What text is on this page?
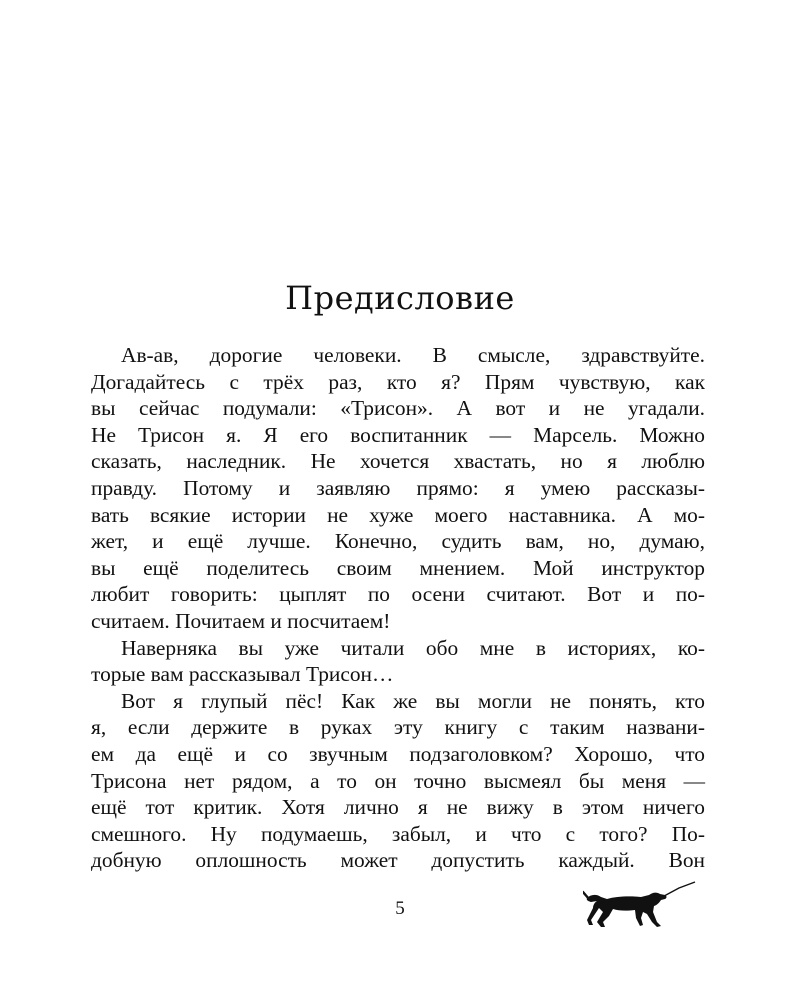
Предисловие
Ав-ав, дорогие человеки. В смысле, здравствуйте.
Догадайтесь с трёх раз, кто я? Прям чувствую, как
вы сейчас подумали: «Трисон». А вот и не угадали.
Не Трисон я. Я его воспитанник — Марсель. Можно
сказать, наследник. Не хочется хвастать, но я люблю
правду. Потому и заявляю прямо: я умею рассказы-
вать всякие истории не хуже моего наставника. А мо-
жет, и ещё лучше. Конечно, судить вам, но, думаю,
вы ещё поделитесь своим мнением. Мой инструктор
любит говорить: цыплят по осени считают. Вот и по-
считаем. Почитаем и посчитаем!
Наверняка вы уже читали обо мне в историях, ко-
торые вам рассказывал Трисон…
Вот я глупый пёс! Как же вы могли не понять, кто
я, если держите в руках эту книгу с таким названи-
ем да ещё и со звучным подзаголовком? Хорошо, что
Трисона нет рядом, а то он точно высмеял бы меня —
ещё тот критик. Хотя лично я не вижу в этом ничего
смешного. Ну подумаешь, забыл, и что с того? По-
добную оплошность может допустить каждый. Вон
5
